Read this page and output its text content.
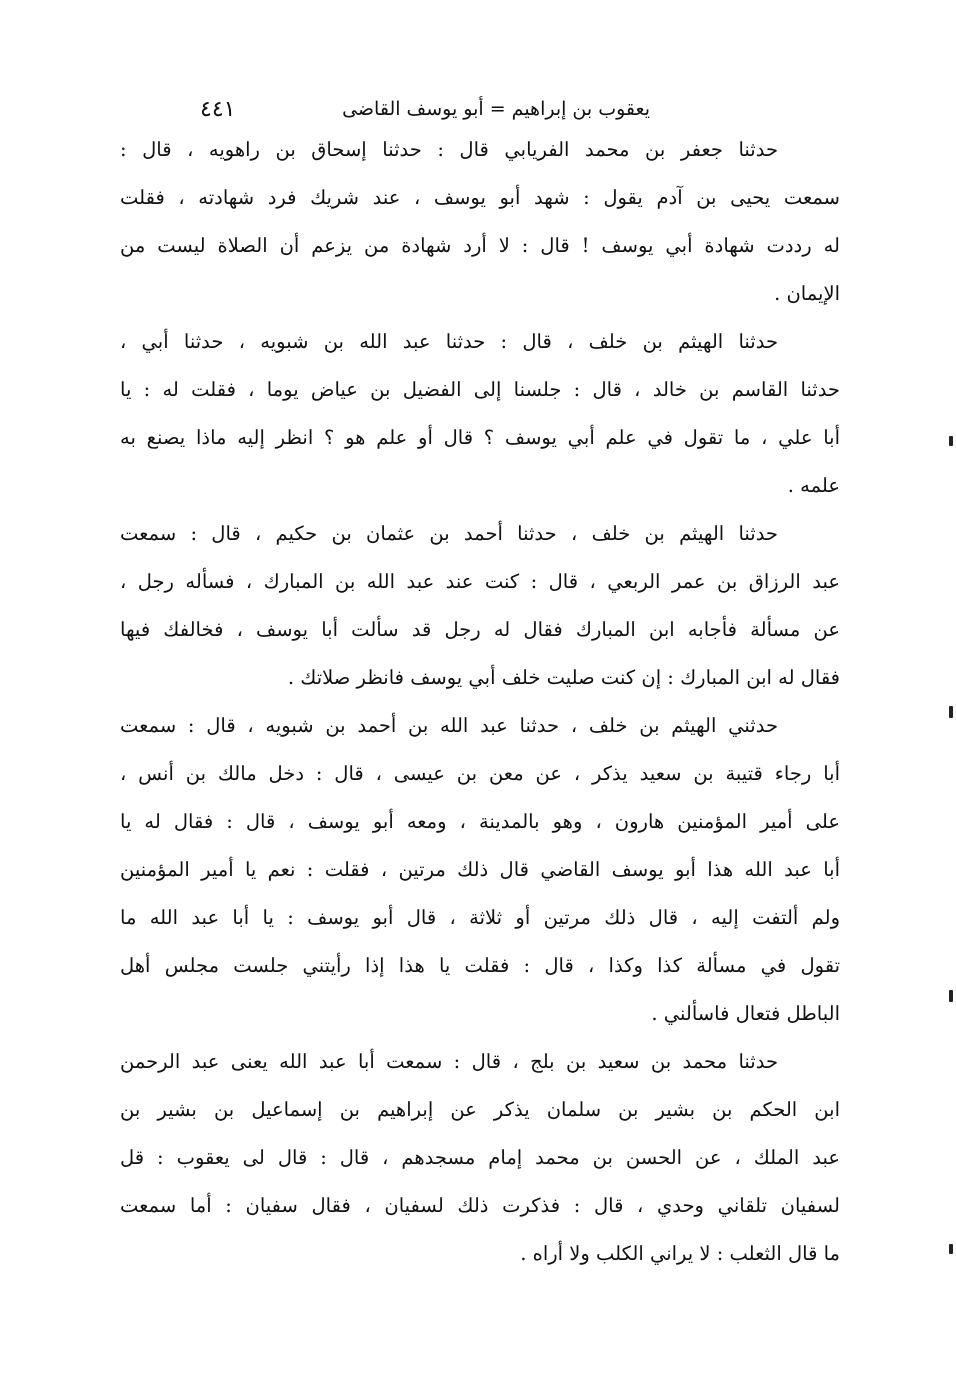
يعقوب بن إبراهيم = أبو يوسف القاضى
٤٤١
حدثنا جعفر بن محمد الفريابي قال : حدثنا إسحاق بن راهويه ، قال :
سمعت يحيى بن آدم يقول : شهد أبو يوسف ، عند شريك فرد شهادته ، فقلت
له رددت شهادة أبي يوسف ! قال : لا أرد شهادة من يزعم أن الصلاة ليست من
الإيمان .
حدثنا الهيثم بن خلف ، قال : حدثنا عبد الله بن شبويه ، حدثنا أبي ،
حدثنا القاسم بن خالد ، قال : جلسنا إلى الفضيل بن عياض يوما ، فقلت له : يا
أبا علي ، ما تقول في علم أبي يوسف ؟ قال أو علم هو ؟ انظر إليه ماذا يصنع به
علمه .
حدثنا الهيثم بن خلف ، حدثنا أحمد بن عثمان بن حكيم ، قال : سمعت
عبد الرزاق بن عمر الربعي ، قال : كنت عند عبد الله بن المبارك ، فسأله رجل ،
عن مسألة فأجابه ابن المبارك فقال له رجل قد سألت أبا يوسف ، فخالفك فيها
فقال له ابن المبارك : إن كنت صليت خلف أبي يوسف فانظر صلاتك .
حدثني الهيثم بن خلف ، حدثنا عبد الله بن أحمد بن شبويه ، قال : سمعت
أبا رجاء قتيبة بن سعيد يذكر ، عن معن بن عيسى ، قال : دخل مالك بن أنس ،
على أمير المؤمنين هارون ، وهو بالمدينة ، ومعه أبو يوسف ، قال : فقال له يا
أبا عبد الله هذا أبو يوسف القاضي قال ذلك مرتين ، فقلت : نعم يا أمير المؤمنين
ولم ألتفت إليه ، قال ذلك مرتين أو ثلاثة ، قال أبو يوسف : يا أبا عبد الله ما
تقول في مسألة كذا وكذا ، قال : فقلت يا هذا إذا رأيتني جلست مجلس أهل
الباطل فتعال فاسألني .
حدثنا محمد بن سعيد بن بلج ، قال : سمعت أبا عبد الله يعنى عبد الرحمن
ابن الحكم بن بشير بن سلمان يذكر عن إبراهيم بن إسماعيل بن بشير بن
عبد الملك ، عن الحسن بن محمد إمام مسجدهم ، قال : قال لى يعقوب : قل
لسفيان تلقاني وحدي ، قال : فذكرت ذلك لسفيان ، فقال سفيان : أما سمعت
ما قال الثعلب : لا يراني الكلب ولا أراه .
